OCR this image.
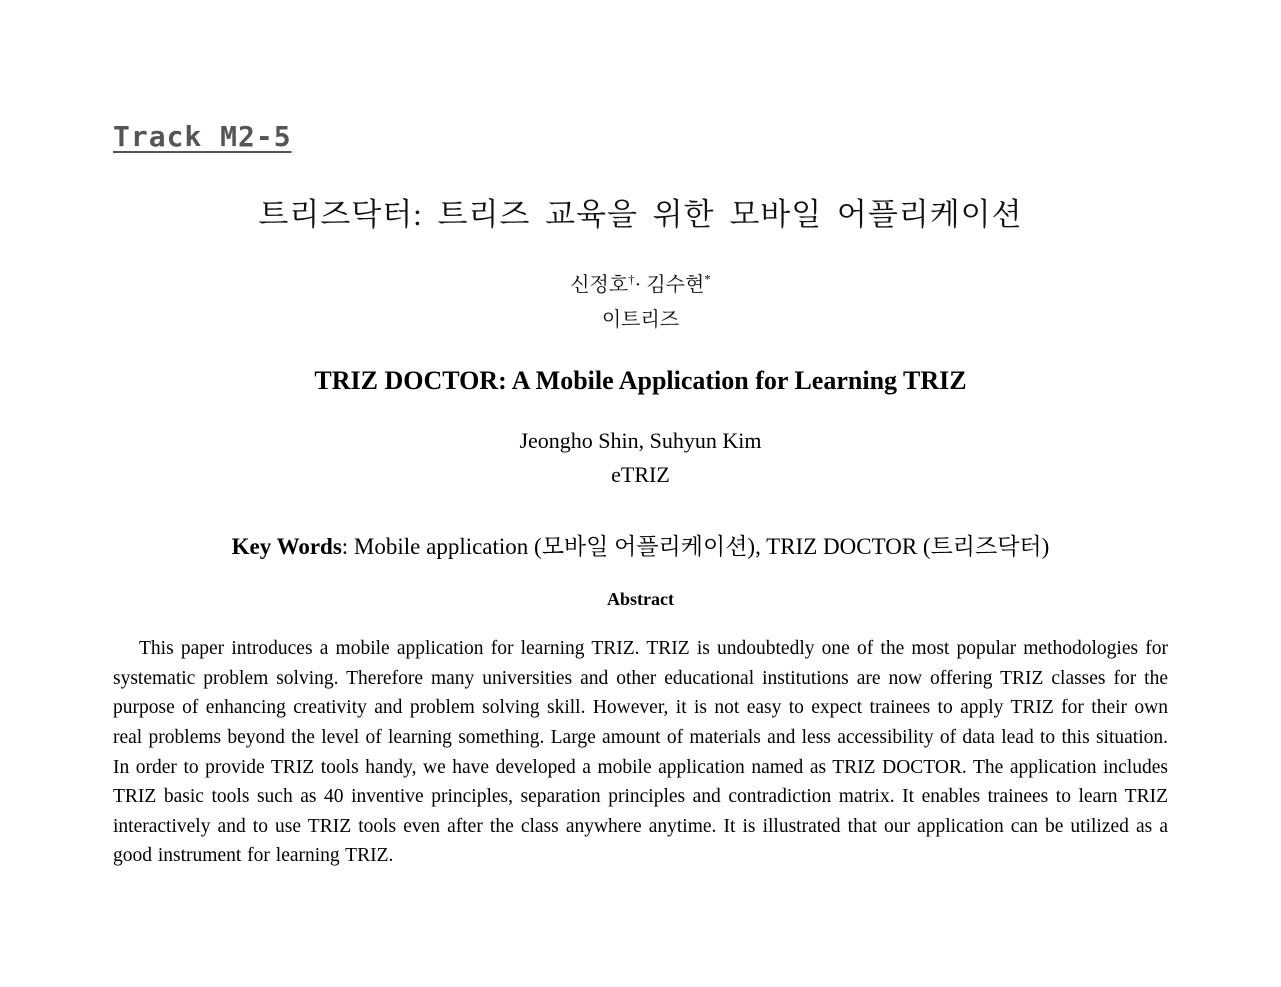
Track M2-5
트리즈닥터: 트리즈 교육을 위한 모바일 어플리케이션
신정호†· 김수현*
이트리즈
TRIZ DOCTOR: A Mobile Application for Learning TRIZ
Jeongho Shin, Suhyun Kim
eTRIZ
Key Words: Mobile application (모바일 어플리케이션), TRIZ DOCTOR (트리즈닥터)
Abstract
This paper introduces a mobile application for learning TRIZ. TRIZ is undoubtedly one of the most popular methodologies for systematic problem solving. Therefore many universities and other educational institutions are now offering TRIZ classes for the purpose of enhancing creativity and problem solving skill. However, it is not easy to expect trainees to apply TRIZ for their own real problems beyond the level of learning something. Large amount of materials and less accessibility of data lead to this situation. In order to provide TRIZ tools handy, we have developed a mobile application named as TRIZ DOCTOR. The application includes TRIZ basic tools such as 40 inventive principles, separation principles and contradiction matrix. It enables trainees to learn TRIZ interactively and to use TRIZ tools even after the class anywhere anytime. It is illustrated that our application can be utilized as a good instrument for learning TRIZ.
